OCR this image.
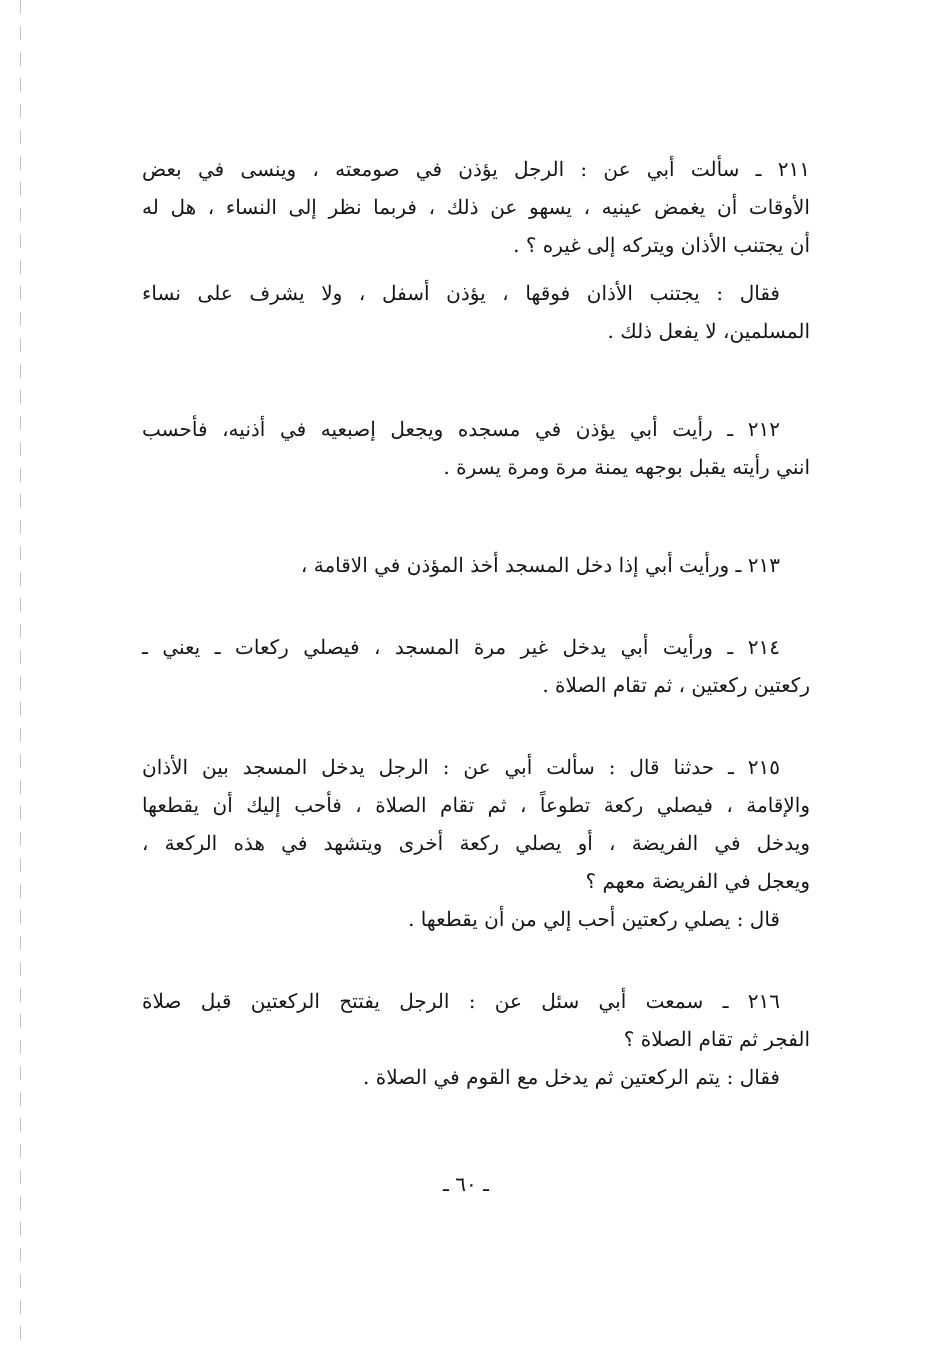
٢١١ ـ سألت أبي عن : الرجل يؤذن في صومعته ، وينسى في بعض
الأوقات أن يغمض عينيه ، يسهو عن ذلك ، فربما نظر إلى النساء ، هل له
أن يجتنب الأذان ويتركه إلى غيره ؟ .
فقال : يجتنب الأذان فوقها ، يؤذن أسفل ، ولا يشرف على نساء
المسلمين، لا يفعل ذلك .
٢١٢ ـ رأيت أبي يؤذن في مسجده ويجعل إصبعيه في أذنيه، فأحسب
انني رأيته يقبل بوجهه يمنة مرة ومرة يسرة .
٢١٣ ـ ورأيت أبي إذا دخل المسجد أخذ المؤذن في الاقامة ،
٢١٤ ـ ورأيت أبي يدخل غير مرة المسجد ، فيصلي ركعات ـ يعني ـ
ركعتين ركعتين ، ثم تقام الصلاة .
٢١٥ ـ حدثنا قال : سألت أبي عن : الرجل يدخل المسجد بين الأذان
والإقامة ، فيصلي ركعة تطوعاً ، ثم تقام الصلاة ، فأحب إليك أن يقطعها
ويدخل في الفريضة ، أو يصلي ركعة أخرى ويتشهد في هذه الركعة ،
ويعجل في الفريضة معهم ؟
قال : يصلي ركعتين أحب إلي من أن يقطعها .
٢١٦ ـ سمعت أبي سئل عن : الرجل يفتتح الركعتين قبل صلاة
الفجر ثم تقام الصلاة ؟
فقال : يتم الركعتين ثم يدخل مع القوم في الصلاة .
ـ ٦٠ ـ
